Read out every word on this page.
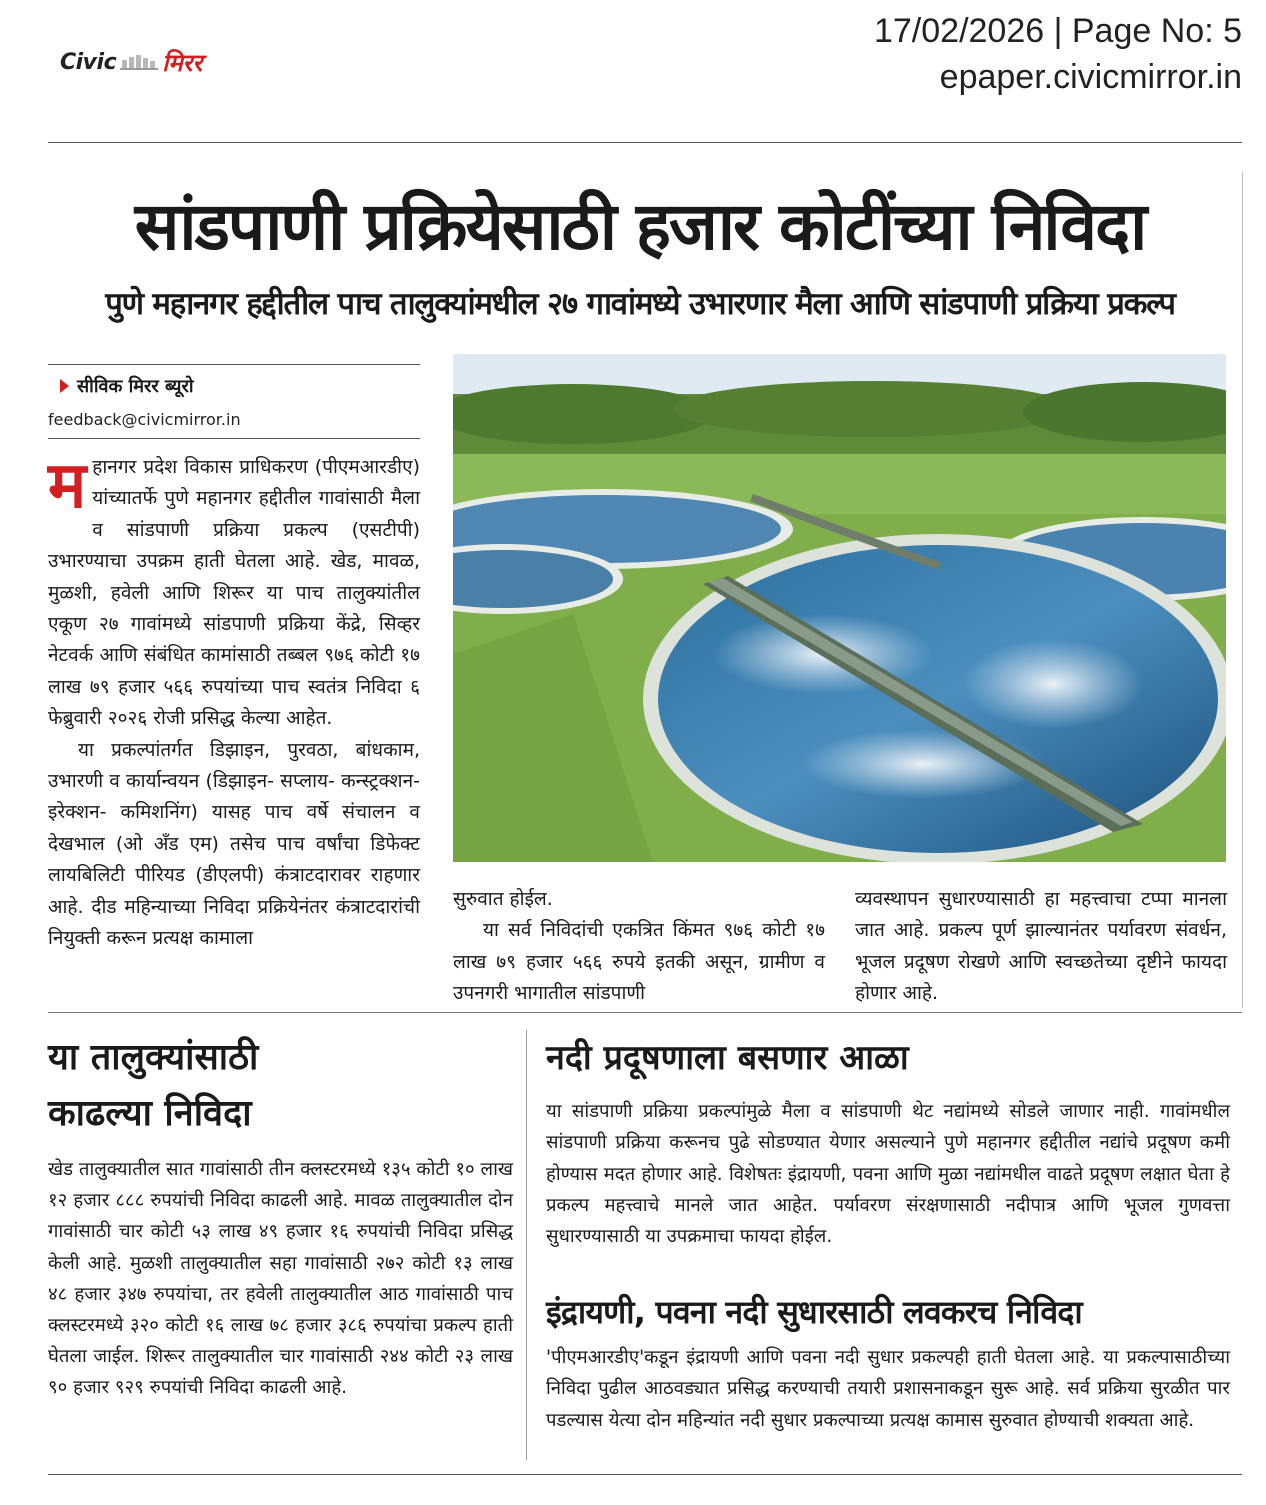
Civic मिरर
17/02/2026 | Page No: 5
epaper.civicmirror.in
सांडपाणी प्रक्रियेसाठी हजार कोटींच्या निविदा
पुणे महानगर हद्दीतील पाच तालुक्यांमधील २७ गावांमध्ये उभारणार मैला आणि सांडपाणी प्रक्रिया प्रकल्प
सीविक मिरर ब्यूरो
feedback@civicmirror.in

महानगर प्रदेश विकास प्राधिकरण (पीएमआरडीए) यांच्यातर्फे पुणे महानगर हद्दीतील गावांसाठी मैला व सांडपाणी प्रक्रिया प्रकल्प (एसटीपी) उभारण्याचा उपक्रम हाती घेतला आहे. खेड, मावळ, मुळशी, हवेली आणि शिरूर या पाच तालुक्यांतील एकूण २७ गावांमध्ये सांडपाणी प्रक्रिया केंद्रे, सिव्हर नेटवर्क आणि संबंधित कामांसाठी तब्बल ९७६ कोटी १७ लाख ७९ हजार ५६६ रुपयांच्या पाच स्वतंत्र निविदा ६ फेब्रुवारी २०२६ रोजी प्रसिद्ध केल्या आहेत.

या प्रकल्पांतर्गत डिझाइन, पुरवठा, बांधकाम, उभारणी व कार्यान्वयन (डिझाइन- सप्लाय- कन्स्ट्रक्शन- इरेक्शन- कमिशनिंग) यासह पाच वर्षे संचालन व देखभाल (ओ अँड एम) तसेच पाच वर्षांचा डिफेक्ट लायबिलिटी पीरियड (डीएलपी) कंत्राटदारावर राहणार आहे. दीड महिन्याच्या निविदा प्रक्रियेनंतर कंत्राटदारांची नियुक्ती करून प्रत्यक्ष कामाला

सुरुवात होईल.

या सर्व निविदांची एकत्रित किंमत ९७६ कोटी १७ लाख ७९ हजार ५६६ रुपये इतकी असून, ग्रामीण व उपनगरी भागातील सांडपाणी

व्यवस्थापन सुधारण्यासाठी हा महत्त्वाचा टप्पा मानला जात आहे. प्रकल्प पूर्ण झाल्यानंतर पर्यावरण संवर्धन, भूजल प्रदूषण रोखणे आणि स्वच्छतेच्या दृष्टीने फायदा होणार आहे.
या तालुक्यांसाठी
काढल्या निविदा
खेड तालुक्यातील सात गावांसाठी तीन क्लस्टरमध्ये १३५ कोटी १० लाख १२ हजार ८८८ रुपयांची निविदा काढली आहे. मावळ तालुक्यातील दोन गावांसाठी चार कोटी ५३ लाख ४९ हजार १६ रुपयांची निविदा प्रसिद्ध केली आहे. मुळशी तालुक्यातील सहा गावांसाठी २७२ कोटी १३ लाख ४८ हजार ३४७ रुपयांचा, तर हवेली तालुक्यातील आठ गावांसाठी पाच क्लस्टरमध्ये ३२० कोटी १६ लाख ७८ हजार ३८६ रुपयांचा प्रकल्प हाती घेतला जाईल. शिरूर तालुक्यातील चार गावांसाठी २४४ कोटी २३ लाख ९० हजार ९२९ रुपयांची निविदा काढली आहे.
नदी प्रदूषणाला बसणार आळा
या सांडपाणी प्रक्रिया प्रकल्पांमुळे मैला व सांडपाणी थेट नद्यांमध्ये सोडले जाणार नाही. गावांमधील सांडपाणी प्रक्रिया करूनच पुढे सोडण्यात येणार असल्याने पुणे महानगर हद्दीतील नद्यांचे प्रदूषण कमी होण्यास मदत होणार आहे. विशेषतः इंद्रायणी, पवना आणि मुळा नद्यांमधील वाढते प्रदूषण लक्षात घेता हे प्रकल्प महत्त्वाचे मानले जात आहेत. पर्यावरण संरक्षणासाठी नदीपात्र आणि भूजल गुणवत्ता सुधारण्यासाठी या उपक्रमाचा फायदा होईल.
इंद्रायणी, पवना नदी सुधारसाठी लवकरच निविदा
'पीएमआरडीए'कडून इंद्रायणी आणि पवना नदी सुधार प्रकल्पही हाती घेतला आहे. या प्रकल्पासाठीच्या निविदा पुढील आठवड्यात प्रसिद्ध करण्याची तयारी प्रशासनाकडून सुरू आहे. सर्व प्रक्रिया सुरळीत पार पडल्यास येत्या दोन महिन्यांत नदी सुधार प्रकल्पाच्या प्रत्यक्ष कामास सुरुवात होण्याची शक्यता आहे.
